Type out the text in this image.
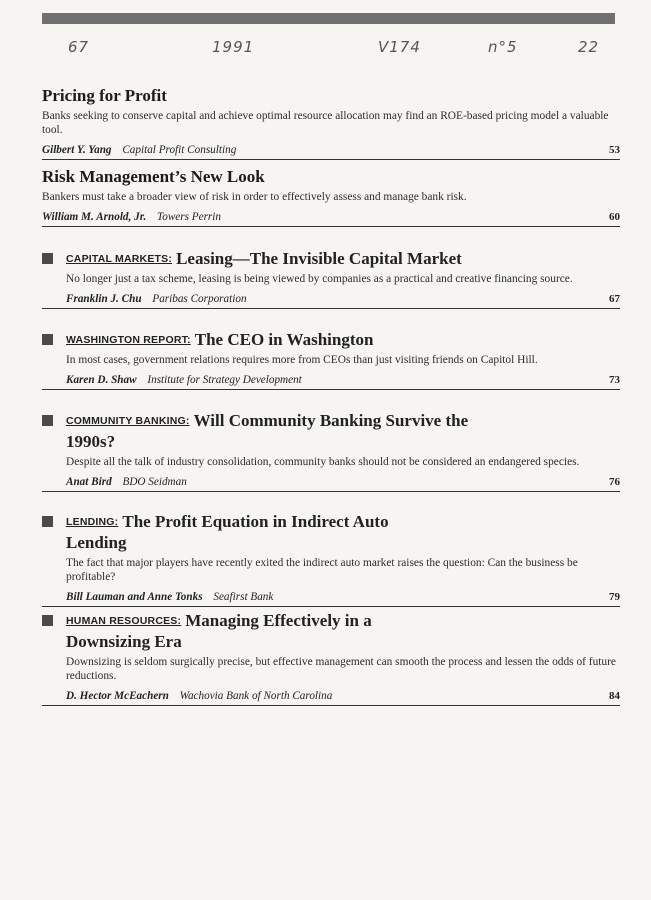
67	1991	V174	n°5	22
Pricing for Profit
Banks seeking to conserve capital and achieve optimal resource allocation may find an ROE-based pricing model a valuable tool.
Gilbert Y. Yang Capital Profit Consulting	53
Risk Management’s New Look
Bankers must take a broader view of risk in order to effectively assess and manage bank risk.
William M. Arnold, Jr. Towers Perrin	60
CAPITAL MARKETS: Leasing—The Invisible Capital Market
No longer just a tax scheme, leasing is being viewed by companies as a practical and creative financing source.
Franklin J. Chu Paribas Corporation	67
WASHINGTON REPORT: The CEO in Washington
In most cases, government relations requires more from CEOs than just visiting friends on Capitol Hill.
Karen D. Shaw Institute for Strategy Development	73
COMMUNITY BANKING: Will Community Banking Survive the 1990s?
Despite all the talk of industry consolidation, community banks should not be considered an endangered species.
Anat Bird BDO Seidman	76
LENDING: The Profit Equation in Indirect Auto Lending
The fact that major players have recently exited the indirect auto market raises the question: Can the business be profitable?
Bill Lauman and Anne Tonks Seafirst Bank	79
HUMAN RESOURCES: Managing Effectively in a Downsizing Era
Downsizing is seldom surgically precise, but effective management can smooth the process and lessen the odds of future reductions.
D. Hector McEachern Wachovia Bank of North Carolina	84
